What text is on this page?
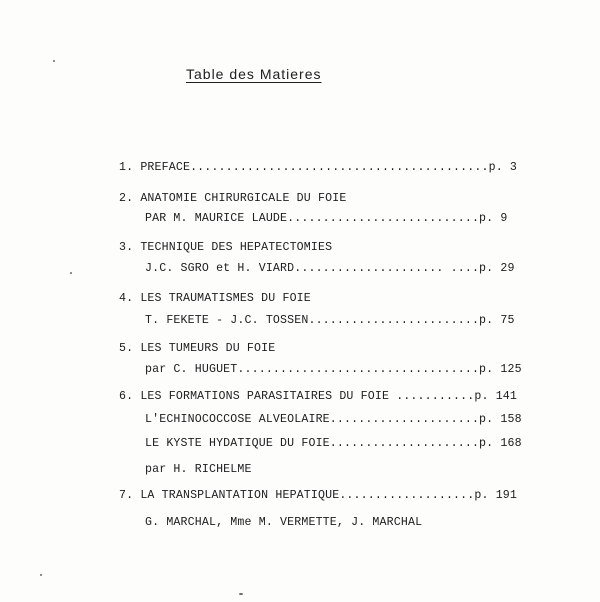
Table des Matieres
1. PREFACE..........................................p. 3
2. ANATOMIE CHIRURGICALE DU FOIE
PAR M. MAURICE LAUDE...........................p. 9
3. TECHNIQUE DES HEPATECTOMIES
J.C. SGRO et H. VIARD..................... ....p. 29
4. LES TRAUMATISMES DU FOIE
T. FEKETE - J.C. TOSSEN........................p. 75
5. LES TUMEURS DU FOIE
par C. HUGUET..................................p. 125
6. LES FORMATIONS PARASITAIRES DU FOIE ...........p. 141
L'ECHINOCOCCOSE ALVEOLAIRE.....................p. 158
LE KYSTE HYDATIQUE DU FOIE.....................p. 168
par H. RICHELME
7. LA TRANSPLANTATION HEPATIQUE...................p. 191
G. MARCHAL, Mme M. VERMETTE, J. MARCHAL
